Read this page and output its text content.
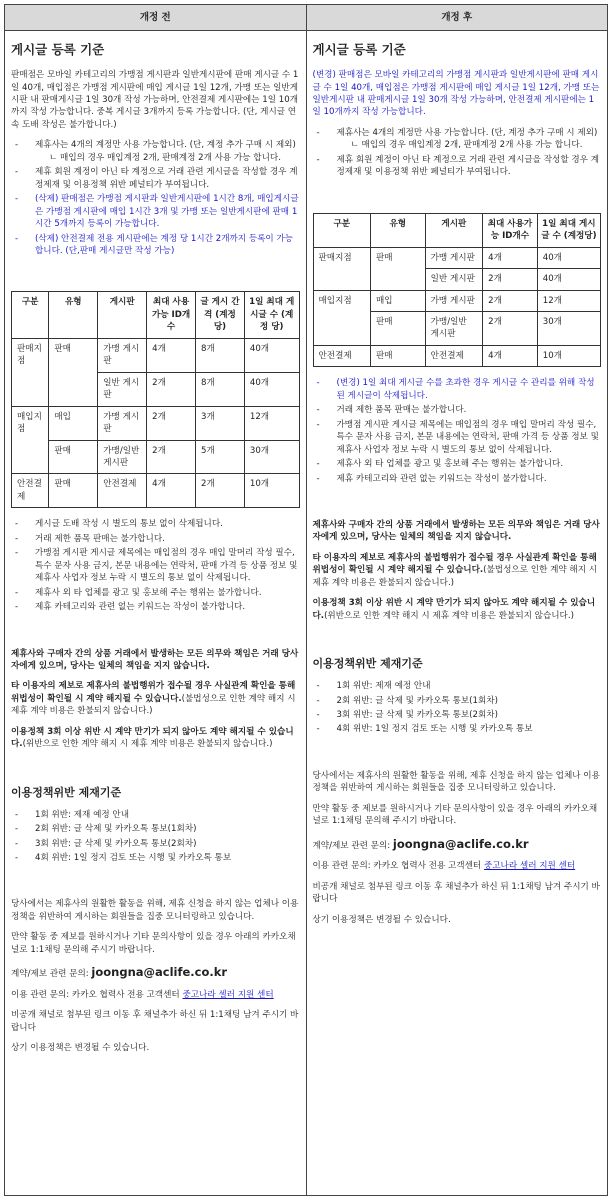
개정 전	개정 후
게시글 등록 기준

판매점은 모바일 카테고리의 가맹점 게시판과 일반게시판에 판매 게시글 수 1일 40개, 매입점은 가맹점 게시판에 매입 게시글 1일 12개, 가맹 또는 일반게시판 내 판매게시글 1일 30개 작성 가능하며, 안전결제 게시판에는 1일 10개까지 작성 가능합니다. 중복 게시글 3개까지 등록 가능합니다. (단, 게시글 연속 도배 작성은 불가합니다.)

- 제휴사는 4개의 계정만 사용 가능합니다. (단, 계정 추가 구매 시 제외)
ㄴ 매입의 경우 매입계정 2개, 판매계정 2개 사용 가능 합니다.
- 제휴 회원 계정이 아닌 타 계정으로 거래 관련 게시글을 작성할 경우 계정제재 및 이용정책 위반 페널티가 부여됩니다.
- (삭제) 판매점은 가맹점 게시판과 일반게시판에 1시간 8개, 매입게시글은 가맹점 게시판에 매입 1시간 3개 및 가맹 또는 일반게시판에 판매 1시간 5개까지 등록이 가능합니다.
- (삭제) 안전결제 전용 게시판에는 계정 당 1시간 2개까지 등록이 가능합니다. (단,판매 게시글만 작성 가능)
구분	유형	게시판	최대 사용 가능 ID개수	글 게시 간격 (계정당)	1일 최대 게시글 수 (계정 당)
판매지점	판매	가맹 게시판	4개	8개	40개
		일반 게시판	2개	8개	40개
매입지점	매입	가맹 게시판	2개	3개	12개
	판매	가맹/일반 게시판	2개	5개	30개
안전결제	판매	안전결제	4개	2개	10개
- 게시글 도배 작성 시 별도의 통보 없이 삭제됩니다.
- 거래 제한 품목 판매는 불가합니다.
- 가맹점 게시판 게시글 제목에는 매입점의 경우 매입 말머리 작성 필수, 특수 문자 사용 금지, 본문 내용에는 연락처, 판매 가격 등 상품 정보 및 제휴사 사업자 정보 누락 시 별도의 통보 없이 삭제됩니다.
- 제휴사 외 타 업체를 광고 및 홍보해 주는 행위는 불가합니다.
- 제휴 카테고리와 관련 없는 키워드는 작성이 불가합니다.

제휴사와 구매자 간의 상품 거래에서 발생하는 모든 의무와 책임은 거래 당사자에게 있으며, 당사는 일체의 책임을 지지 않습니다.

타 이용자의 제보로 제휴사의 불법행위가 접수될 경우 사실관계 확인을 통해 위법성이 확인될 시 계약 해지될 수 있습니다.(불법성으로 인한 계약 해지 시 제휴 계약 비용은 환불되지 않습니다.)

이용정책 3회 이상 위반 시 계약 만기가 되지 않아도 계약 해지될 수 있습니다.(위반으로 인한 계약 해지 시 제휴 계약 비용은 환불되지 않습니다.)

이용정책위반 제재기준
- 1회 위반: 제재 예정 안내
- 2회 위반: 글 삭제 및 카카오톡 통보(1회차)
- 3회 위반: 글 삭제 및 카카오톡 통보(2회차)
- 4회 위반: 1일 정지 검토 또는 시행 및 카카오톡 통보

당사에서는 제휴사의 원활한 활동을 위해, 제휴 신청을 하지 않는 업체나 이용정책을 위반하여 게시하는 회원들을 집중 모니터링하고 있습니다.

만약 활동 중 제보를 원하시거나 기타 문의사항이 있을 경우 아래의 카카오채널로 1:1채팅 문의해 주시기 바랍니다.

계약/제보 관련 문의: joongna@aclife.co.kr

이용 관련 문의: 카카오 협력사 전용 고객센터 중고나라 셀러 지원 센터

비공개 채널로 첨부된 링크 이동 후 채널추가 하신 뒤 1:1채팅 남겨 주시기 바랍니다

상기 이용정책은 변경될 수 있습니다.

게시글 등록 기준

(변경) 판매점은 모바일 카테고리의 가맹점 게시판과 일반게시판에 판매 게시글 수 1일 40개, 매입점은 가맹점 게시판에 매입 게시글 1일 12개, 가맹 또는 일반게시판 내 판매게시글 1일 30개 작성 가능하며, 안전결제 게시판에는 1일 10개까지 작성 가능합니다.

- 제휴사는 4개의 계정만 사용 가능합니다. (단, 계정 추가 구매 시 제외)
ㄴ 매입의 경우 매입계정 2개, 판매계정 2개 사용 가능 합니다.
- 제휴 회원 계정이 아닌 타 계정으로 거래 관련 게시글을 작성할 경우 계정제재 및 이용정책 위반 페널티가 부여됩니다.
구분	유형	게시판	최대 사용가능 ID개수	1일 최대 게시글 수 (계정당)
판매지점	판매	가맹 게시판	4개	40개
		일반 게시판	2개	40개
매입지점	매입	가맹 게시판	2개	12개
	판매	가맹/일반 게시판	2개	30개
안전결제	판매	안전결제	4개	10개
- (변경) 1일 최대 게시글 수를 초과한 경우 게시글 수 관리를 위해 작성된 게시글이 삭제됩니다.
- 거래 제한 품목 판매는 불가합니다.
- 가맹점 게시판 게시글 제목에는 매입점의 경우 매입 말머리 작성 필수, 특수 문자 사용 금지, 본문 내용에는 연락처, 판매 가격 등 상품 정보 및 제휴사 사업자 정보 누락 시 별도의 통보 없이 삭제됩니다.
- 제휴사 외 타 업체를 광고 및 홍보해 주는 행위는 불가합니다.
- 제휴 카테고리와 관련 없는 키워드는 작성이 불가합니다.

제휴사와 구매자 간의 상품 거래에서 발생하는 모든 의무와 책임은 거래 당사자에게 있으며, 당사는 일체의 책임을 지지 않습니다.

타 이용자의 제보로 제휴사의 불법행위가 접수될 경우 사실관계 확인을 통해 위법성이 확인될 시 계약 해지될 수 있습니다.(불법성으로 인한 계약 해지 시 제휴 계약 비용은 환불되지 않습니다.)

이용정책 3회 이상 위반 시 계약 만기가 되지 않아도 계약 해지될 수 있습니다.(위반으로 인한 계약 해지 시 제휴 계약 비용은 환불되지 않습니다.)

이용정책위반 제재기준
- 1회 위반: 제재 예정 안내
- 2회 위반: 글 삭제 및 카카오톡 통보(1회차)
- 3회 위반: 글 삭제 및 카카오톡 통보(2회차)
- 4회 위반: 1일 정지 검토 또는 시행 및 카카오톡 통보

당사에서는 제휴사의 원활한 활동을 위해, 제휴 신청을 하지 않는 업체나 이용정책을 위반하여 게시하는 회원들을 집중 모니터링하고 있습니다.

만약 활동 중 제보를 원하시거나 기타 문의사항이 있을 경우 아래의 카카오채널로 1:1채팅 문의해 주시기 바랍니다.

계약/제보 관련 문의: joongna@aclife.co.kr

이용 관련 문의: 카카오 협력사 전용 고객센터 중고나라 셀러 지원 센터

비공개 채널로 첨부된 링크 이동 후 채널추가 하신 뒤 1:1채팅 남겨 주시기 바랍니다

상기 이용정책은 변경될 수 있습니다.
